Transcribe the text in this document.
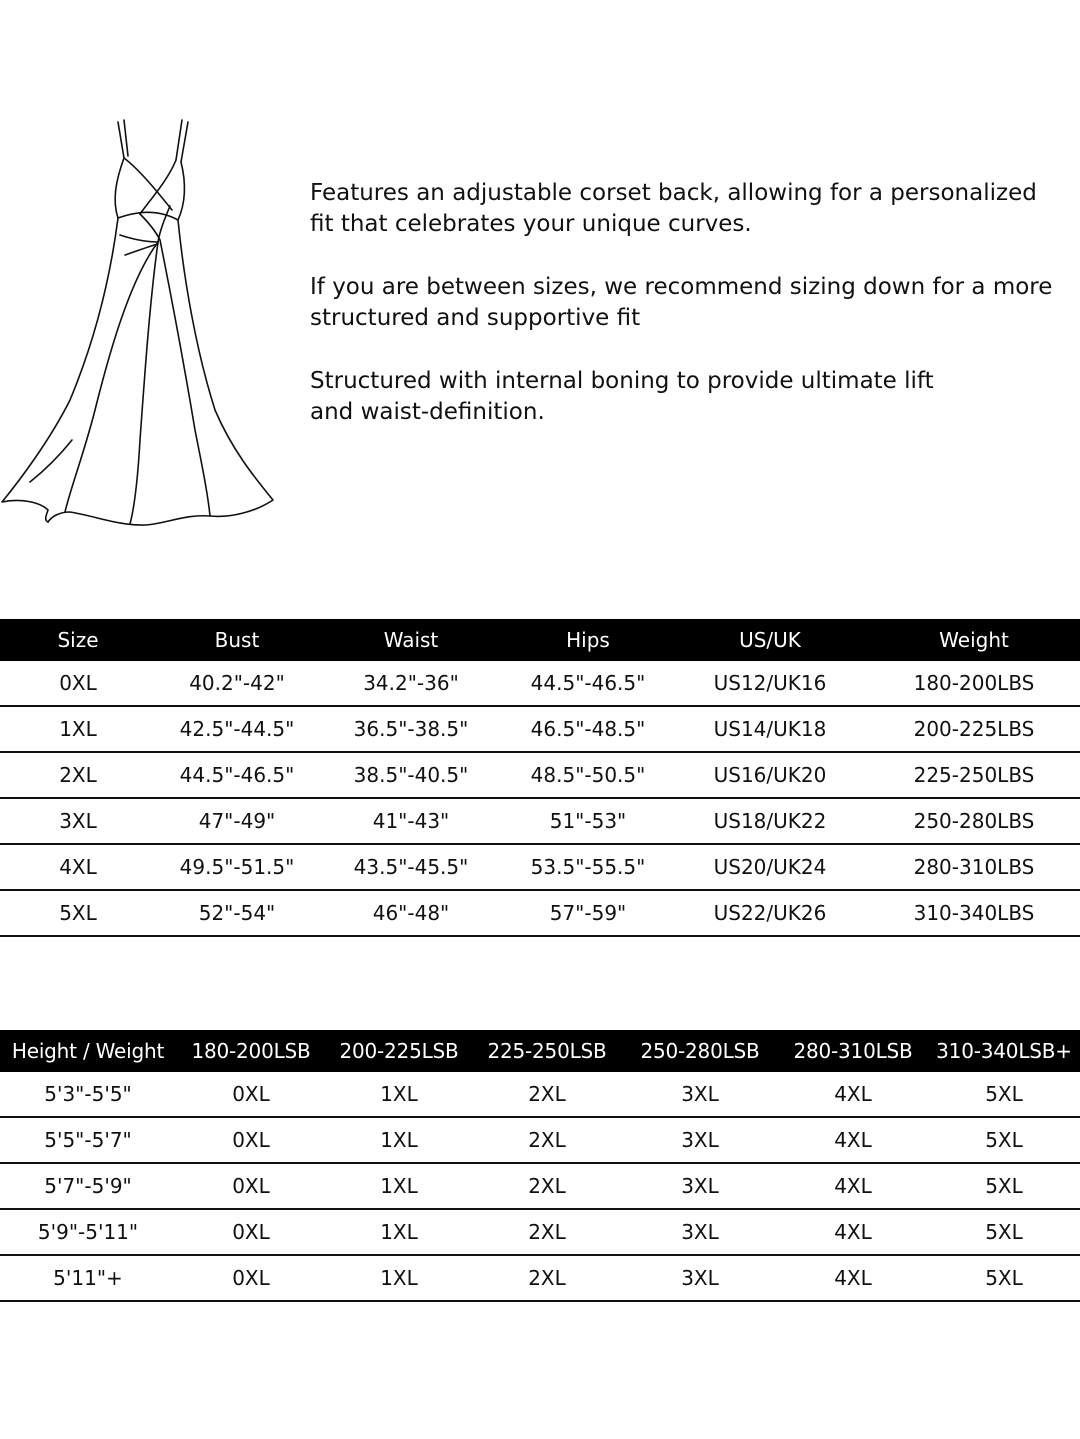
Features an adjustable corset back, allowing for a personalized
fit that celebrates your unique curves.

If you are between sizes, we recommend sizing down for a more
structured and supportive fit

Structured with internal boning to provide ultimate lift
and waist-definition.

Size	Bust	Waist	Hips	US/UK	Weight
0XL	40.2"-42"	34.2"-36"	44.5"-46.5"	US12/UK16	180-200LBS
1XL	42.5"-44.5"	36.5"-38.5"	46.5"-48.5"	US14/UK18	200-225LBS
2XL	44.5"-46.5"	38.5"-40.5"	48.5"-50.5"	US16/UK20	225-250LBS
3XL	47"-49"	41"-43"	51"-53"	US18/UK22	250-280LBS
4XL	49.5"-51.5"	43.5"-45.5"	53.5"-55.5"	US20/UK24	280-310LBS
5XL	52"-54"	46"-48"	57"-59"	US22/UK26	310-340LBS
Height / Weight	180-200LSB	200-225LSB	225-250LSB	250-280LSB	280-310LSB	310-340LSB+
5'3"-5'5"	0XL	1XL	2XL	3XL	4XL	5XL
5'5"-5'7"	0XL	1XL	2XL	3XL	4XL	5XL
5'7"-5'9"	0XL	1XL	2XL	3XL	4XL	5XL
5'9"-5'11"	0XL	1XL	2XL	3XL	4XL	5XL
5'11"+	0XL	1XL	2XL	3XL	4XL	5XL
